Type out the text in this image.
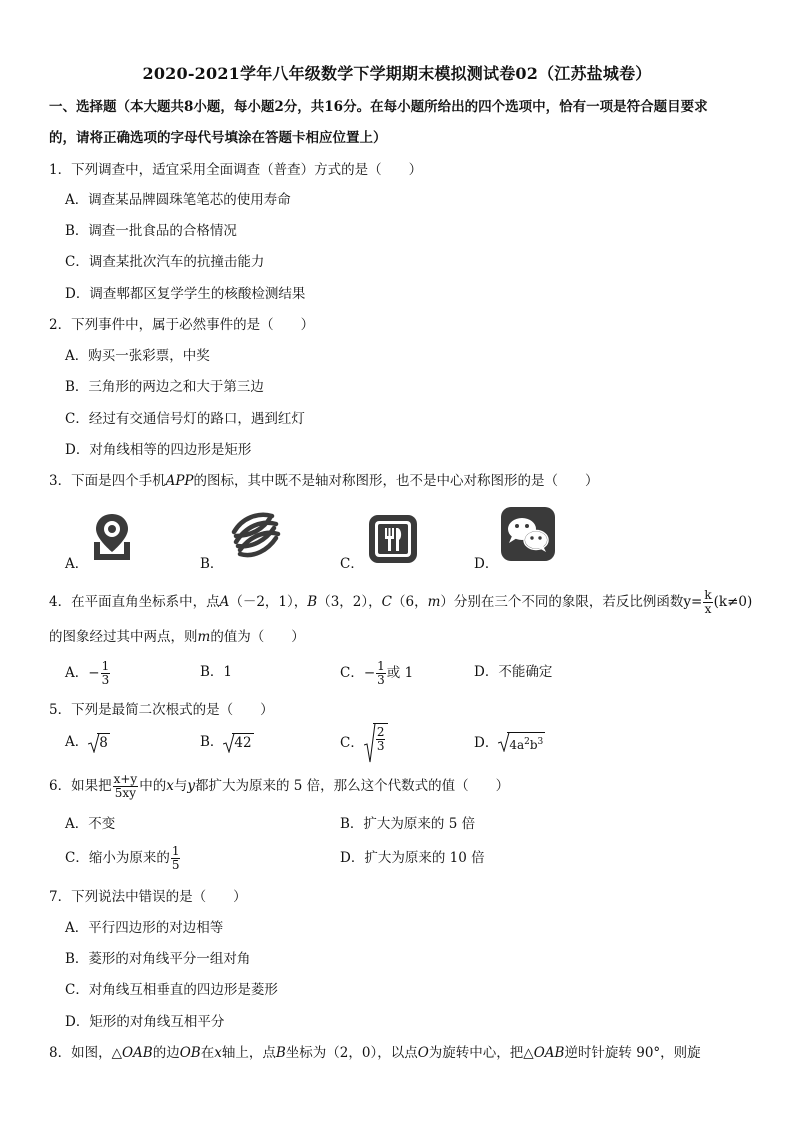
2020-2021学年八年级数学下学期期末模拟测试卷02（江苏盐城卷）
一、选择题（本大题共8小题，每小题2分，共16分。在每小题所给出的四个选项中，恰有一项是符合题目要求
的，请将正确选项的字母代号填涂在答题卡相应位置上）
1．下列调查中，适宜采用全面调查（普查）方式的是（　　）
A．调查某品牌圆珠笔笔芯的使用寿命
B．调查一批食品的合格情况
C．调查某批次汽车的抗撞击能力
D．调查郫都区复学学生的核酸检测结果
2．下列事件中，属于必然事件的是（　　）
A．购买一张彩票，中奖
B．三角形的两边之和大于第三边
C．经过有交通信号灯的路口，遇到红灯
D．对角线相等的四边形是矩形
3．下面是四个手机APP的图标，其中既不是轴对称图形，也不是中心对称图形的是（　　）
A．	B．	C．	D．
4．在平面直角坐标系中，点A（－2，1），B（3，2），C（6，m）分别在三个不同的象限，若反比例函数$y= \frac{k}{x} (k\ne 0)$
的图象经过其中两点，则m的值为（　　）
A．− $\frac{1}{3}$	B．1	C．− $\frac{1}{3}$ 或 1	D．不能确定
5．下列是最简二次根式的是（　　）
A． 8	B． 42	C． $\frac{2}{3}$	D． $4a^2b^3$
6．如果把 $\frac{x+y}{5xy}$ 中的x与y都扩大为原来的 5 倍，那么这个代数式的值（　　）
A．不变	B．扩大为原来的 5 倍
C．缩小为原来的 $\frac{1}{5}$	D．扩大为原来的 10 倍
7．下列说法中错误的是（　　）
A．平行四边形的对边相等
B．菱形的对角线平分一组对角
C．对角线互相垂直的四边形是菱形
D．矩形的对角线互相平分
8．如图，△OAB的边OB在x轴上，点B坐标为（2，0），以点O为旋转中心，把△OAB逆时针旋转 90°，则旋
